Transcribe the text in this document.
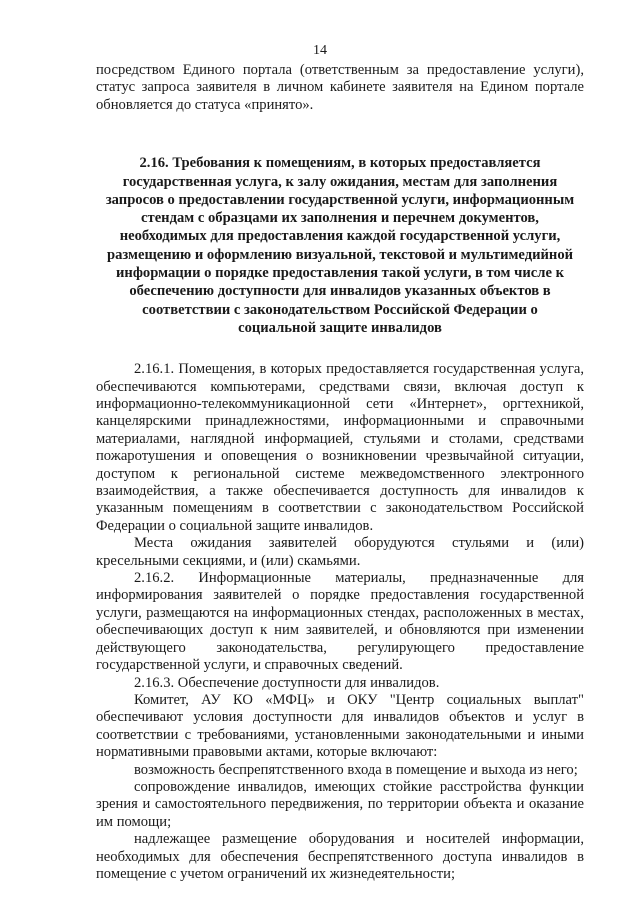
14

посредством Единого портала (ответственным за предоставление услуги), статус запроса заявителя в личном кабинете заявителя на Едином портале обновляется до статуса «принято».

2.16. Требования к помещениям, в которых предоставляется государственная услуга, к залу ожидания, местам для заполнения запросов о предоставлении государственной услуги, информационным стендам с образцами их заполнения и перечнем документов, необходимых для предоставления каждой государственной услуги, размещению и оформлению визуальной, текстовой и мультимедийной информации о порядке предоставления такой услуги, в том числе к обеспечению доступности для инвалидов указанных объектов в соответствии с законодательством Российской Федерации о социальной защите инвалидов

2.16.1. Помещения, в которых предоставляется государственная услуга, обеспечиваются компьютерами, средствами связи, включая доступ к информационно-телекоммуникационной сети «Интернет», оргтехникой, канцелярскими принадлежностями, информационными и справочными материалами, наглядной информацией, стульями и столами, средствами пожаротушения и оповещения о возникновении чрезвычайной ситуации, доступом к региональной системе межведомственного электронного взаимодействия, а также обеспечивается доступность для инвалидов к указанным помещениям в соответствии с законодательством Российской Федерации о социальной защите инвалидов.

Места ожидания заявителей оборудуются стульями и (или) кресельными секциями, и (или) скамьями.

2.16.2. Информационные материалы, предназначенные для информирования заявителей о порядке предоставления государственной услуги, размещаются на информационных стендах, расположенных в местах, обеспечивающих доступ к ним заявителей, и обновляются при изменении действующего законодательства, регулирующего предоставление государственной услуги, и справочных сведений.

2.16.3. Обеспечение доступности для инвалидов.

Комитет, АУ КО «МФЦ» и ОКУ "Центр социальных выплат" обеспечивают условия доступности для инвалидов объектов и услуг в соответствии с требованиями, установленными законодательными и иными нормативными правовыми актами, которые включают:

возможность беспрепятственного входа в помещение и выхода из него;

сопровождение инвалидов, имеющих стойкие расстройства функции зрения и самостоятельного передвижения, по территории объекта и оказание им помощи;

надлежащее размещение оборудования и носителей информации, необходимых для обеспечения беспрепятственного доступа инвалидов в помещение с учетом ограничений их жизнедеятельности;
